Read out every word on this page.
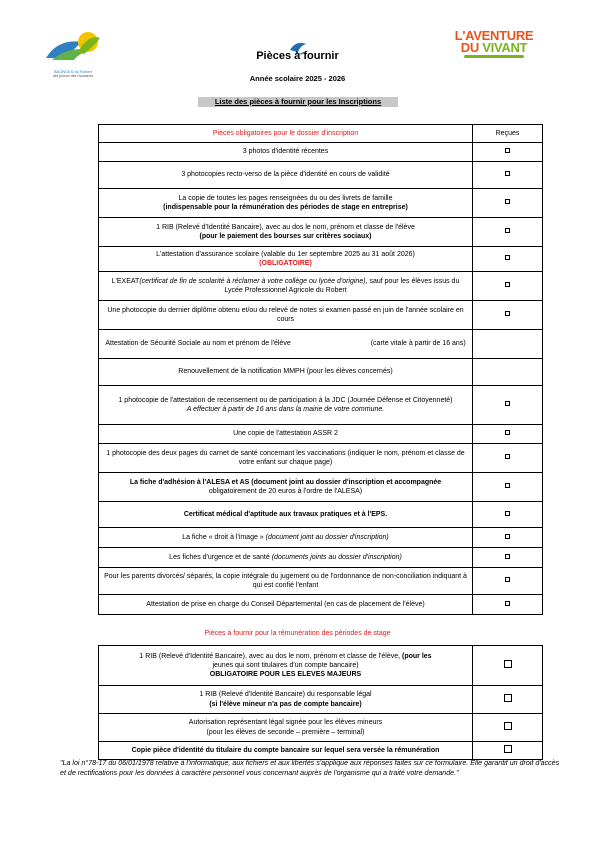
BAGNOLS du Robert
des jeunes des Hautaines
L'AVENTURE
DU VIVANT
Pièces à fournir
Année scolaire 2025 - 2026
Liste des pièces à fournir pour les Inscriptions
Pièces obligatoires pour le dossier d'inscription	Reçues
3 photos d'identité récentes	
3 photocopies recto-verso de la pièce d'identité en cours de validité	

La copie de toutes les pages renseignées du ou des livrets de famille
(indispensable pour la rémunération des périodes de stage en entreprise)	

1 RIB (Relevé d'Identité Bancaire), avec au dos le nom, prénom et classe de l'élève
(pour le paiement des bourses sur critères sociaux)	

L'attestation d'assurance scolaire (valable du 1er septembre 2025 au 31 août 2026)
(OBLIGATOIRE)	

L'EXEAT(certificat de fin de scolarité à réclamer à votre collège ou lycée d'origine), sauf pour les élèves issus du Lycée Professionnel Agricole du Robert	
Une photocopie du dernier diplôme obtenu et/ou du relevé de notes si examen passé en juin de l'année scolaire en cours	
Attestation de Sécurité Sociale au nom et prénom de l'élève (carte vitale à partir de 16 ans)	
Renouvellement de la notification MMPH (pour les élèves concernés)	

1 photocopie de l'attestation de recensement ou de participation à la JDC (Journée Défense et Citoyenneté)
A effectuer à partir de 16 ans dans la mairie de votre commune.	

Une copie de l'attestation ASSR 2	
1 photocopie des deux pages du carnet de santé concernant les vaccinations (indiquer le nom, prénom et classe de votre enfant sur chaque page)	

La fiche d'adhésion à l'ALESA et AS (document joint au dossier d'inscription et accompagnée
obligatoirement de 20 euros à l'ordre de l'ALESA)	

Certificat médical d'aptitude aux travaux pratiques et à l'EPS.	
La fiche « droit à l'image » (document joint au dossier d'inscription)	
Les fiches d'urgence et de santé (documents joints au dossier d'inscription)	
Pour les parents divorcés/ séparés, la copie intégrale du jugement ou de l'ordonnance de non-conciliation indiquant à qui est confié l'enfant	
Attestation de prise en charge du Conseil Départemental (en cas de placement de l'élève)	
Pièces à fournir pour la rémunération des périodes de stage
1 RIB (Relevé d'Identité Bancaire), avec au dos le nom, prénom et classe de l'élève, (pour les
jeunes qui sont titulaires d'un compte bancaire)
OBLIGATOIRE POUR LES ELEVES MAJEURS	

1 RIB (Relevé d'Identité Bancaire) du responsable légal
(si l'élève mineur n'a pas de compte bancaire)	

Autorisation représentant légal signée pour les élèves mineurs
(pour les élèves de seconde – première – terminal)	

Copie pièce d'identité du titulaire du compte bancaire sur lequel sera versée la rémunération	
"La loi n°78-17 du 06/01/1978 relative à l'informatique, aux fichiers et aux libertés s'applique aux réponses faites sur ce formulaire. Elle garantit un droit d'accès et de rectifications pour les données à caractère personnel vous concernant auprès de l'organisme qui a traité votre demande."
